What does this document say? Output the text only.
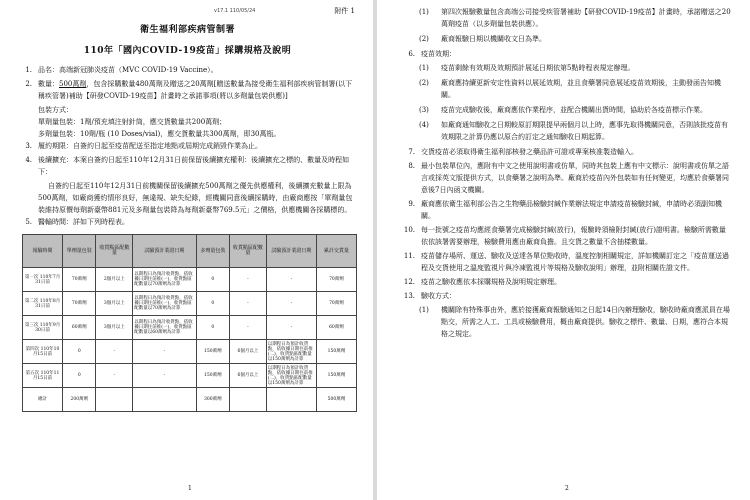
v17.1 110/05/24	附件 1
衛生福利部疾病管制署
110年「國內COVID-19疫苗」採購規格及說明
1. 品名：高端新冠肺炎疫苗（MVC COVID-19 Vaccine）。
2. 數量：500萬劑，包含採購數量480萬劑及贈送之20萬劑[贈送數量為接受衛生福利部疾病管制署(以下稱疾管署)補助【研發COVID-19疫苗】計畫時之承諾事項(將以多劑量包裝供應)]
包裝方式：
單劑量包裝：1劑/預充填注射針筒，應交貨數量共200萬劑；
多劑量包裝：10劑/瓶 (10 Doses/vial)，應交貨數量共300萬劑，即30萬瓶。
3. 履約期限：自簽約日起至疫苗配送至指定地點或屆期完成銷毀作業為止。
4. 後續擴充：本案自簽約日起至110年12月31日前保留後續擴充權利：後續擴充之標的、數量及時程如下：
自簽約日起至110年12月31日前機關保留後續擴充500萬劑之優先供應權利，後續擴充數量上限為500萬劑，如廠商獲約情形良好，無違規、缺失紀錄，經機關同意後續採購時，由廠商應按「單劑量包裝維持原價每劑新臺幣881元及多劑量包裝降為每劑新臺幣769.5元」之價格，供應機關各採購標的。
5. 醫輸時間：詳如下列時程表。
報驗時間	單劑量包裝	收貨點區配數量	試驗預計業證日期	多劑量包裝	收貨點區配數量	試驗預計業證日期	累計交貨量
第一次 110年7月31日前	70萬劑	2個月以上	以期程日為預計收貨點，依收據日期往前推(一)，收貨點區配數量以70萬劑為計算	0	-	-	70萬劑
第二次 110年8月31日前	70萬劑	3個月以上	以期程日為預計收貨點，依收據日期往前推(一)，收貨點區配數量以70萬劑為計算	0	-	-	70萬劑
第三次 110年9月30日前	60萬劑	3個月以上	以期程日為預計收貨點，依收據日期往前推(一)，收貨點區配數量以60萬劑為計算	0	-	-	60萬劑
第四次 110年10月15日前	0	-	-	150萬劑	6個月以上	以期程日為預計收貨點，依收據日期往前推(二)，收貨點區配數量以150萬劑為計算	150萬劑
第五次 110年11月15日前	0	-	-	150萬劑	6個月以上	以期程日為預計收貨點，依收據日期往前推(二)，收貨點區配數量以150萬劑為計算	150萬劑
總計	200萬劑			300萬劑			500萬劑
1
(1)	第四次報驗數量包含高端公司接受疾管署補助【研發COVID-19疫苗】計畫時，承諾贈送之20萬劑疫苗（以多劑量包裝供應）。
(2)	廠商報驗日期以機關收文日為準。
6. 疫苗效期：
(1)	疫苗剩餘有效期及效期預計展延日期依第5點時程表規定辦理。
(2)	廠商應持續更新安定性資料以展延效期，並且食藥署同意展延疫苗效期後，主動發函告知機關。
(3)	疫苗完成驗收後，廠商應依作業程序，並配合機關出貨時間，協助於各疫苗標示作業。
(4)	如廠商通知驗收之日期較原訂期限提早兩個月以上時，應事先取得機關同意，否則該批疫苗有效期限之計算仍應以原合約訂定之通知驗收日期起算。
7. 交貨疫苗必須取得衛生福利部核發之藥品許可證或專案核准製造輸入。
8. 最小包裝單位內，應附有中文之使用說明書或仿單，同時其包裝上應有中文標示：說明書或仿單之語言或採英文版提供方式，以食藥署之說明為準。廠商於疫苗內外包裝如有任何變更，均應於食藥署同意後7日內函文機關。
9. 廠商應依衛生福利部公告之生物藥品檢驗封緘作業辦法規定申請疫苗檢驗封緘，申請時必須副知機關。
10. 每一批號之疫苗均應經食藥署完成檢驗封緘(放行)，報驗時須檢附封緘(放行)證明書。檢驗所需數量依依該署需要辦理，檢驗費用應由廠商負擔。且交貨之數量不含抽樣數量。
11. 疫苗儲存場所、運送、驗收及送達各單位點收時，溫度控制相關規定，詳如機關訂定之「疫苗運送過程及交貨使用之溫度監視片與冷凍監視片等規格及驗收說明」辦理，並附相關佐證文件。
12. 疫苗之驗收應依本採購規格及說明規定辦理。
13. 驗收方式：
(1)	機關除有特殊事由外，應於接獲廠商報驗通知之日起14日內辦理驗收，驗收時廠商應派員在場點交，所需之人工、工具或檢驗費用，概由廠商提供。驗收之標件、數量、日期，應符合本規格之規定。
2
